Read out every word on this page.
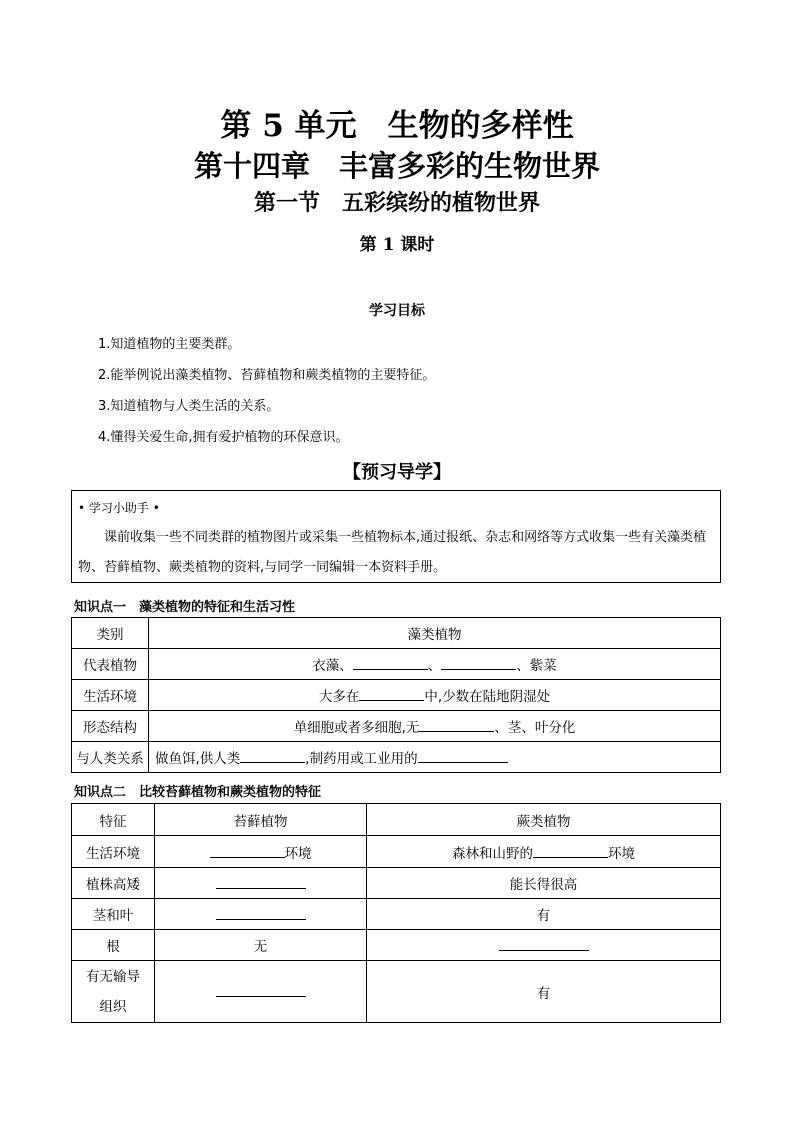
第 5 单元　生物的多样性
第十四章　丰富多彩的生物世界
第一节　五彩缤纷的植物世界
第 1 课时
学习目标
1.知道植物的主要类群。
2.能举例说出藻类植物、苔藓植物和蕨类植物的主要特征。
3.知道植物与人类生活的关系。
4.懂得关爱生命,拥有爱护植物的环保意识。
【预习导学】
• 学习小助手 •
课前收集一些不同类群的植物图片或采集一些植物标本,通过报纸、杂志和网络等方式收集一些有关藻类植物、苔藓植物、蕨类植物的资料,与同学一同编辑一本资料手册。
知识点一　藻类植物的特征和生活习性
类别	藻类植物
代表植物	衣藻、 、 、紫菜
生活环境	大多在 中,少数在陆地阴湿处
形态结构	单细胞或者多细胞,无 、茎、叶分化
与人类关系	做鱼饵,供人类 ,制药用或工业用的
知识点二　比较苔藓植物和蕨类植物的特征
特征	苔藓植物	蕨类植物
生活环境	环境	森林和山野的 环境
植株高矮		能长得很高
茎和叶		有
根	无	
有无输导组织		有
